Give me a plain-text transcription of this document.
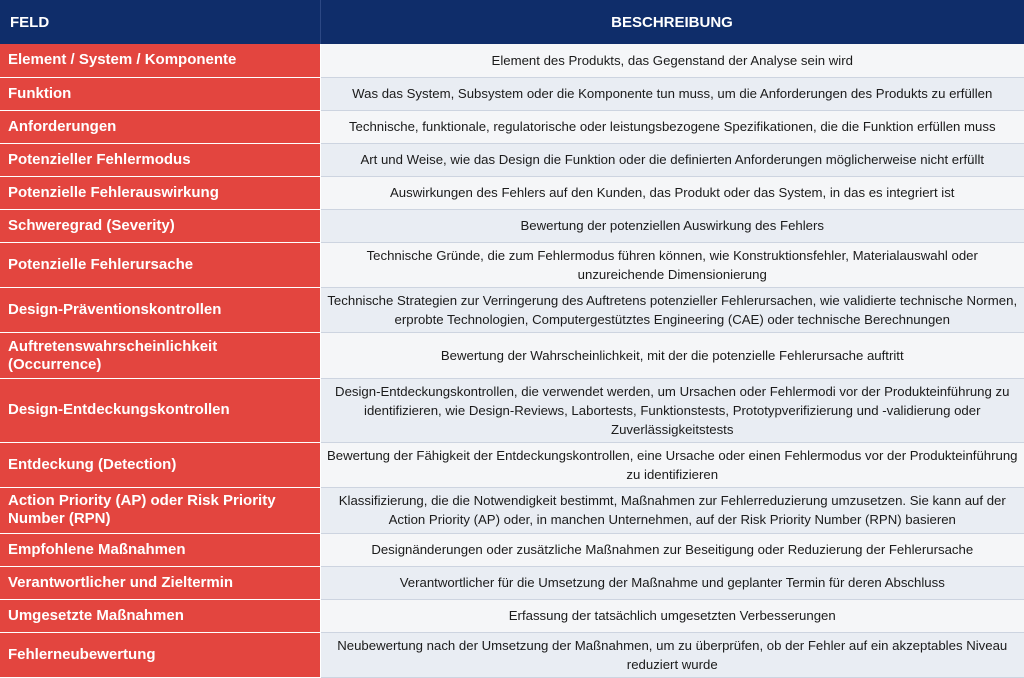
FELD	BESCHREIBUNG
Element / System / Komponente	Element des Produkts, das Gegenstand der Analyse sein wird
Funktion	Was das System, Subsystem oder die Komponente tun muss, um die Anforderungen des Produkts zu erfüllen
Anforderungen	Technische, funktionale, regulatorische oder leistungsbezogene Spezifikationen, die die Funktion erfüllen muss
Potenzieller Fehlermodus	Art und Weise, wie das Design die Funktion oder die definierten Anforderungen möglicherweise nicht erfüllt
Potenzielle Fehlerauswirkung	Auswirkungen des Fehlers auf den Kunden, das Produkt oder das System, in das es integriert ist
Schweregrad (Severity)	Bewertung der potenziellen Auswirkung des Fehlers
Potenzielle Fehlerursache	Technische Gründe, die zum Fehlermodus führen können, wie Konstruktionsfehler, Materialauswahl oder unzureichende Dimensionierung
Design-Präventionskontrollen	Technische Strategien zur Verringerung des Auftretens potenzieller Fehlerursachen, wie validierte technische Normen, erprobte Technologien, Computergestütztes Engineering (CAE) oder technische Berechnungen
Auftretenswahrscheinlichkeit (Occurrence)	Bewertung der Wahrscheinlichkeit, mit der die potenzielle Fehlerursache auftritt
Design-Entdeckungskontrollen	Design-Entdeckungskontrollen, die verwendet werden, um Ursachen oder Fehlermodi vor der Produkteinführung zu identifizieren, wie Design-Reviews, Labortests, Funktionstests, Prototypverifizierung und -validierung oder Zuverlässigkeitstests
Entdeckung (Detection)	Bewertung der Fähigkeit der Entdeckungskontrollen, eine Ursache oder einen Fehlermodus vor der Produkteinführung zu identifizieren
Action Priority (AP) oder Risk Priority Number (RPN)	Klassifizierung, die die Notwendigkeit bestimmt, Maßnahmen zur Fehlerreduzierung umzusetzen. Sie kann auf der Action Priority (AP) oder, in manchen Unternehmen, auf der Risk Priority Number (RPN) basieren
Empfohlene Maßnahmen	Designänderungen oder zusätzliche Maßnahmen zur Beseitigung oder Reduzierung der Fehlerursache
Verantwortlicher und Zieltermin	Verantwortlicher für die Umsetzung der Maßnahme und geplanter Termin für deren Abschluss
Umgesetzte Maßnahmen	Erfassung der tatsächlich umgesetzten Verbesserungen
Fehlerneubewertung	Neubewertung nach der Umsetzung der Maßnahmen, um zu überprüfen, ob der Fehler auf ein akzeptables Niveau reduziert wurde
